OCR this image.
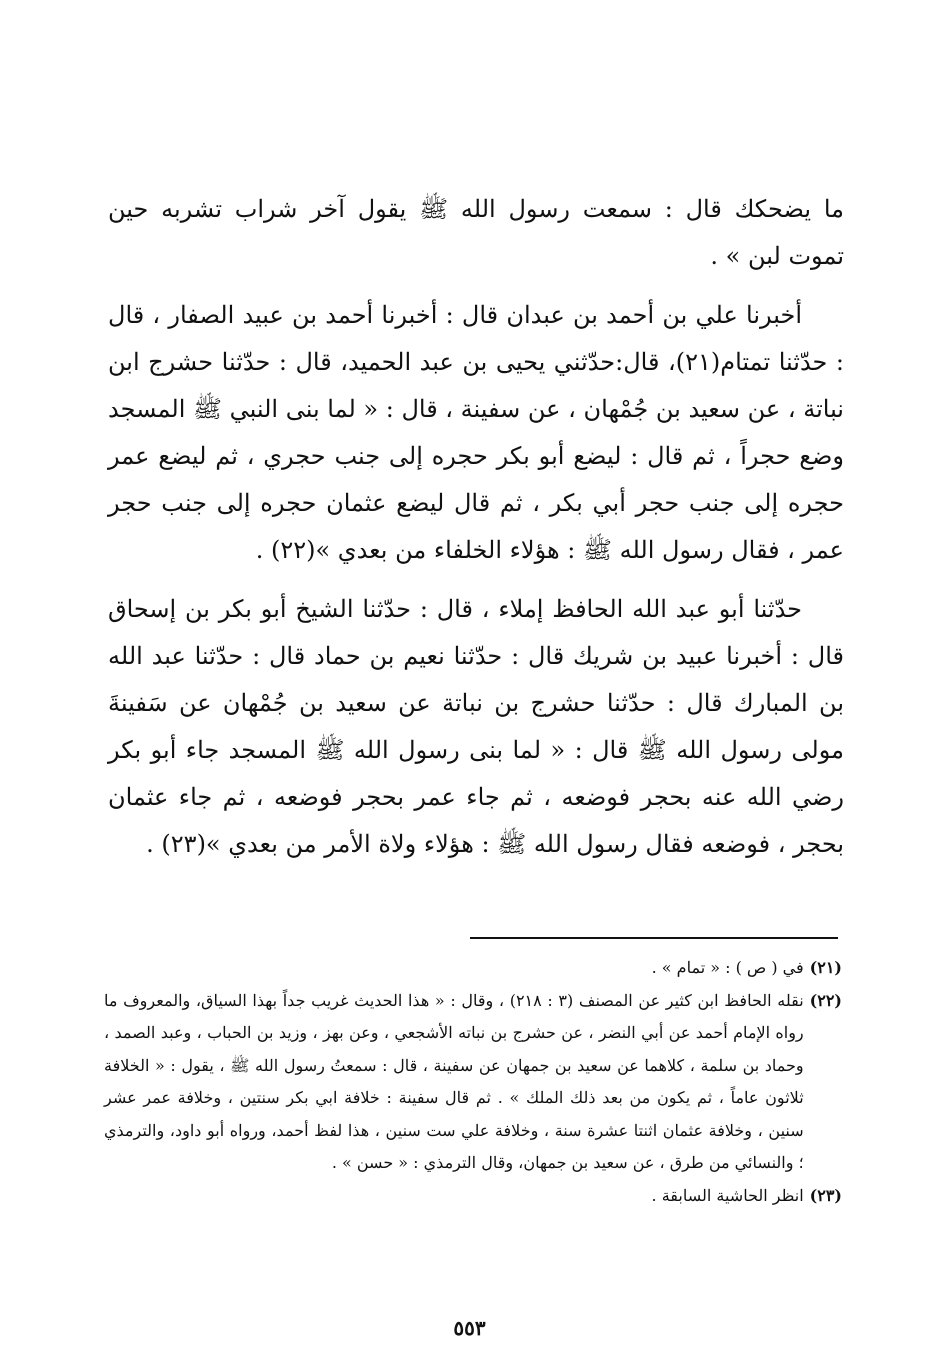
ما يضحكك قال : سمعت رسول الله ﷺ يقول آخر شراب تشربه حين تموت لبن » .

أخبرنا علي بن أحمد بن عبدان قال : أخبرنا أحمد بن عبيد الصفار ، قال : حدّثنا تمتام(٢١)، قال:حدّثني يحيى بن عبد الحميد، قال : حدّثنا حشرج ابن نباتة ، عن سعيد بن جُمْهان ، عن سفينة ، قال : « لما بنى النبي ﷺ المسجد وضع حجراً ، ثم قال : ليضع أبو بكر حجره إلى جنب حجري ، ثم ليضع عمر حجره إلى جنب حجر أبي بكر ، ثم قال ليضع عثمان حجره إلى جنب حجر عمر ، فقال رسول الله ﷺ : هؤلاء الخلفاء من بعدي »(٢٢) .

حدّثنا أبو عبد الله الحافظ إملاء ، قال : حدّثنا الشيخ أبو بكر بن إسحاق قال : أخبرنا عبيد بن شريك قال : حدّثنا نعيم بن حماد قال : حدّثنا عبد الله بن المبارك قال : حدّثنا حشرج بن نباتة عن سعيد بن جُمْهان عن سَفينةَ مولى رسول الله ﷺ قال : « لما بنى رسول الله ﷺ المسجد جاء أبو بكر رضي الله عنه بحجر فوضعه ، ثم جاء عمر بحجر فوضعه ، ثم جاء عثمان بحجر ، فوضعه فقال رسول الله ﷺ : هؤلاء ولاة الأمر من بعدي »(٢٣) .

(٢١)
في ( ص ) : « تمام » .
(٢٢)
نقله الحافظ ابن كثير عن المصنف (٣ : ٢١٨) ، وقال : « هذا الحديث غريب جداً بهذا السياق، والمعروف ما رواه الإمام أحمد عن أبي النضر ، عن حشرج بن نباته الأشجعي ، وعن بهز ، وزيد بن الحباب ، وعبد الصمد ، وحماد بن سلمة ، كلاهما عن سعيد بن جمهان عن سفينة ، قال : سمعتُ رسول الله ﷺ ، يقول : « الخلافة ثلاثون عاماً ، ثم يكون من بعد ذلك الملك » . ثم قال سفينة : خلافة ابي بكر سنتين ، وخلافة عمر عشر سنين ، وخلافة عثمان اثنتا عشرة سنة ، وخلافة علي ست سنين ، هذا لفظ أحمد، ورواه أبو داود، والترمذي ؛ والنسائي من طرق ، عن سعيد بن جمهان، وقال الترمذي : « حسن » .
(٢٣)
انظر الحاشية السابقة .
٥٥٣
